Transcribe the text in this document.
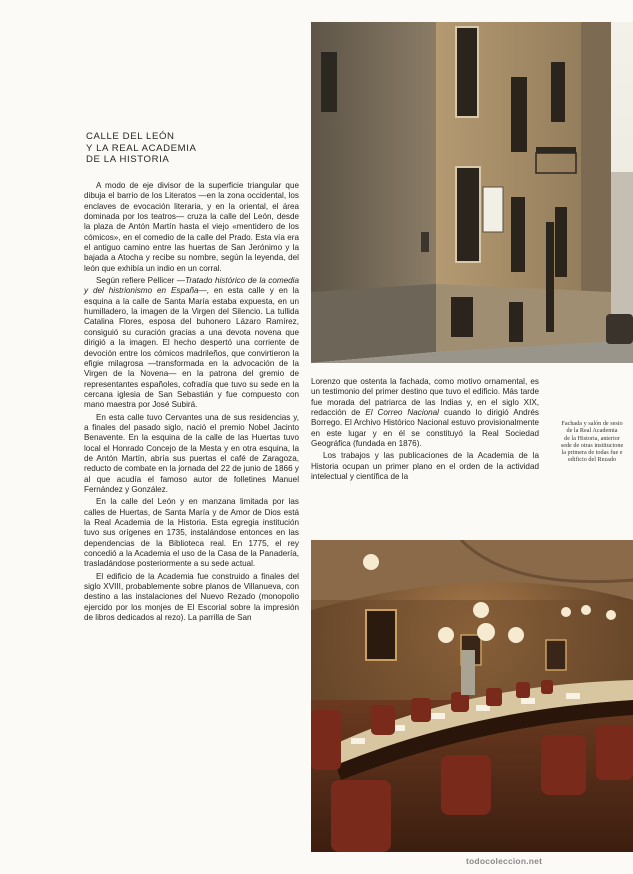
CALLE DEL LEÓN
Y LA REAL ACADEMIA
DE LA HISTORIA

A modo de eje divisor de la superficie triangular que dibuja el barrio de los Literatos —en la zona occidental, los enclaves de evocación literaria, y en la oriental, el área dominada por los teatros— cruza la calle del León, desde la plaza de Antón Martín hasta el viejo «mentidero de los cómicos», en el comedio de la calle del Prado. Esta vía era el antiguo camino entre las huertas de San Jerónimo y la bajada a Atocha y recibe su nombre, según la leyenda, del león que exhibía un indio en un corral.

Según refiere Pellicer —Tratado histórico de la comedia y del histrionismo en España—, en esta calle y en la esquina a la calle de Santa María estaba expuesta, en un humilladero, la imagen de la Virgen del Silencio. La tullida Catalina Flores, esposa del buhonero Lázaro Ramírez, consiguió su curación gracias a una devota novena que dirigió a la imagen. El hecho despertó una corriente de devoción entre los cómicos madrileños, que convirtieron la efigie milagrosa —transformada en la advocación de la Virgen de la Novena— en la patrona del gremio de representantes españoles, cofradía que tuvo su sede en la cercana iglesia de San Sebastián y fue compuesto con mano maestra por José Subirá.

En esta calle tuvo Cervantes una de sus residencias y, a finales del pasado siglo, nació el premio Nobel Jacinto Benavente. En la esquina de la calle de las Huertas tuvo local el Honrado Concejo de la Mesta y en otra esquina, la de Antón Martín, abría sus puertas el café de Zaragoza, reducto de combate en la jornada del 22 de junio de 1866 y al que acudía el famoso autor de folletines Manuel Fernández y González.

En la calle del León y en manzana limitada por las calles de Huertas, de Santa María y de Amor de Dios está la Real Academia de la Historia. Esta egregia institución tuvo sus orígenes en 1735, instalándose entonces en las dependencias de la Biblioteca real. En 1775, el rey concedió a la Academia el uso de la Casa de la Panadería, trasladándose posteriormente a su sede actual.

El edificio de la Academia fue construido a finales del siglo XVIII, probablemente sobre planos de Villanueva, con destino a las instalaciones del Nuevo Rezado (monopolio ejercido por los monjes de El Escorial sobre la impresión de libros dedicados al rezo). La parrilla de San

Lorenzo que ostenta la fachada, como motivo ornamental, es un testimonio del primer destino que tuvo el edificio. Más tarde fue morada del patriarca de las Indias y, en el siglo XIX, redacción de El Correo Nacional cuando lo dirigió Andrés Borrego. El Archivo Histórico Nacional estuvo provisionalmente en este lugar y en él se constituyó la Real Sociedad Geográfica (fundada en 1876).

Los trabajos y las publicaciones de la Academia de la Historia ocupan un primer plano en el orden de la actividad intelectual y científica de la

Fachada y salón de sesio
de la Real Academia
de la Historia, anterior
sede de otras institucione
la primera de todas fue e
edificio del Rezado
todocoleccion.net
